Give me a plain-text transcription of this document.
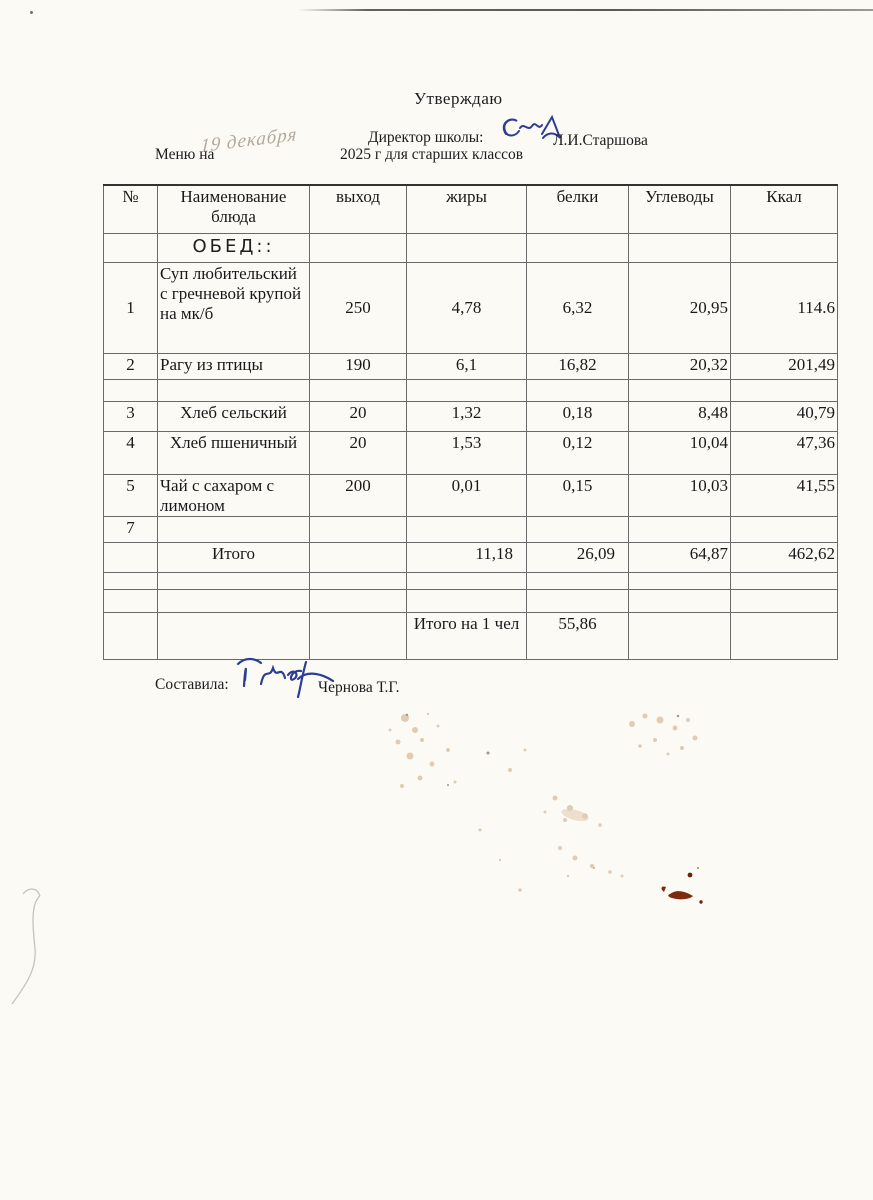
Утверждаю
Директор школы:	Л.И.Старшова
Меню на
19 декабря	2025 г для старших классов
№	Наименование блюда	выход	жиры	белки	Углеводы	Ккал
	ОБЕД::					
1	Суп любительский с гречневой крупой на мк/б	250	4,78	6,32	20,95	114.6
2	Рагу из птицы	190	6,1	16,82	20,32	201,49

3	Хлеб сельский	20	1,32	0,18	8,48	40,79
4	Хлеб пшеничный	20	1,53	0,12	10,04	47,36
5	Чай с сахаром с лимоном	200	0,01	0,15	10,03	41,55
7						
	Итого		11,18	26,09	64,87	462,62

			Итого на 1 чел	55,86		
Составила:	Чернова Т.Г.
